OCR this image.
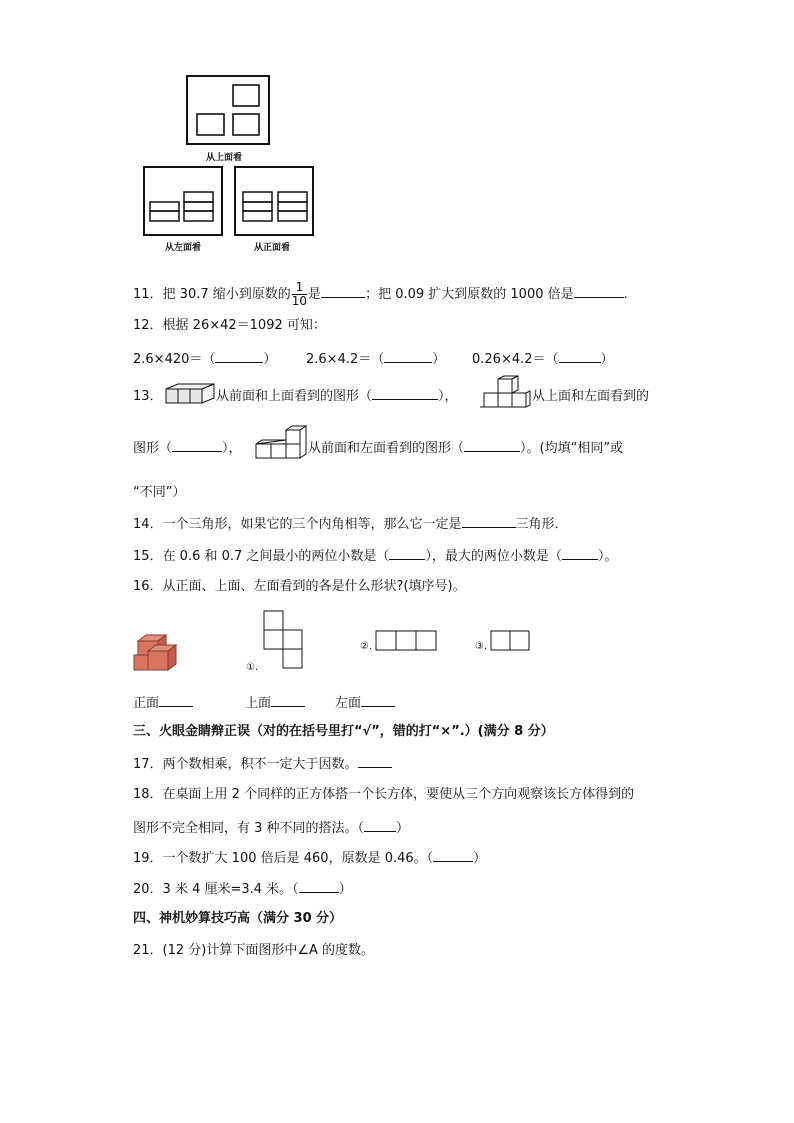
从上面看
从左面看	从正面看
11．把 30.7 缩小到原数的 $\frac{1}{10}$ 是	；把 0.09 扩大到原数的 1000 倍是	.
12．根据 26×42＝1092 可知：
2.6×420＝（	） 2.6×4.2＝（	） 0.26×4.2＝（	）
13．	从前面和上面看到的图形（	），	从上面和左面看到的
图形（	），	从前面和左面看到的图形（	）。(均填“相同”或
“不同”）
14．一个三角形，如果它的三个内角相等，那么它一定是	三角形．
15．在 0.6 和 0.7 之间最小的两位小数是（	），最大的两位小数是（	）。
16．从正面、上面、左面看到的各是什么形状?(填序号)。
①.
②.	③.
正面	上面	左面
三、火眼金睛辩正误（对的在括号里打“√”，错的打“×”.）(满分 8 分）
17．两个数相乘，积不一定大于因数。
18．在桌面上用 2 个同样的正方体搭一个长方体，要使从三个方向观察该长方体得到的
图形不完全相同，有 3 种不同的搭法。（ ）
19．一个数扩大 100 倍后是 460，原数是 0.46。（	）
20．3 米 4 厘米=3.4 米。（	）
四、神机妙算技巧高（满分 30 分）
21．(12 分)计算下面图形中∠A 的度数。
